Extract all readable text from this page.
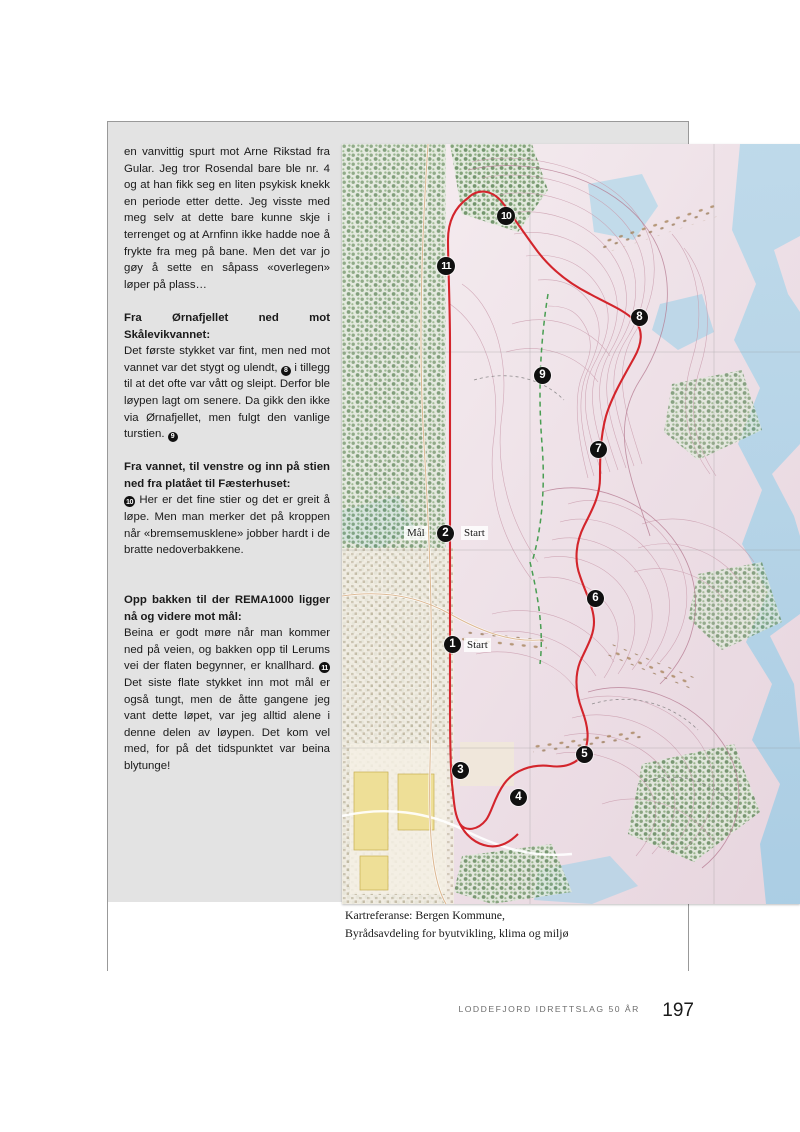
en vanvittig spurt mot Arne Rikstad fra Gular. Jeg tror Rosendal bare ble nr. 4 og at han fikk seg en liten psykisk knekk en periode etter dette. Jeg visste med meg selv at dette bare kunne skje i terrenget og at Arnfinn ikke hadde noe å frykte fra meg på bane. Men det var jo gøy å sette en såpass «overlegen» løper på plass…

Fra Ørnafjellet ned mot Skålevikvannet:

Det første stykket var fint, men ned mot vannet var det stygt og ulendt, 8 i tillegg til at det ofte var vått og sleipt. Derfor ble løypen lagt om senere. Da gikk den ikke via Ørnafjellet, men fulgt den vanlige turstien. 9

Fra vannet, til venstre og inn på stien ned fra platået til Fæsterhuset:

10 Her er det fine stier og det er greit å løpe. Men man merker det på kroppen når «bremsemusklene» jobber hardt i de bratte nedoverbakkene.

Opp bakken til der REMA1000 ligger nå og videre mot mål:

Beina er godt møre når man kommer ned på veien, og bakken opp til Lerums vei der flaten begynner, er knallhard. 11 Det siste flate stykket inn mot mål er også tungt, men de åtte gangene jeg vant dette løpet, var jeg alltid alene i denne delen av løypen. Det kom vel med, for på det tidspunktet var beina blytunge!

Mål	Start
Start
1
2
3
4
5
6
7
8
9
10
11
Kartreferanse: Bergen Kommune,
Byrådsavdeling for byutvikling, klima og miljø
LODDEFJORD IDRETTSLAG 50 ÅR 197
